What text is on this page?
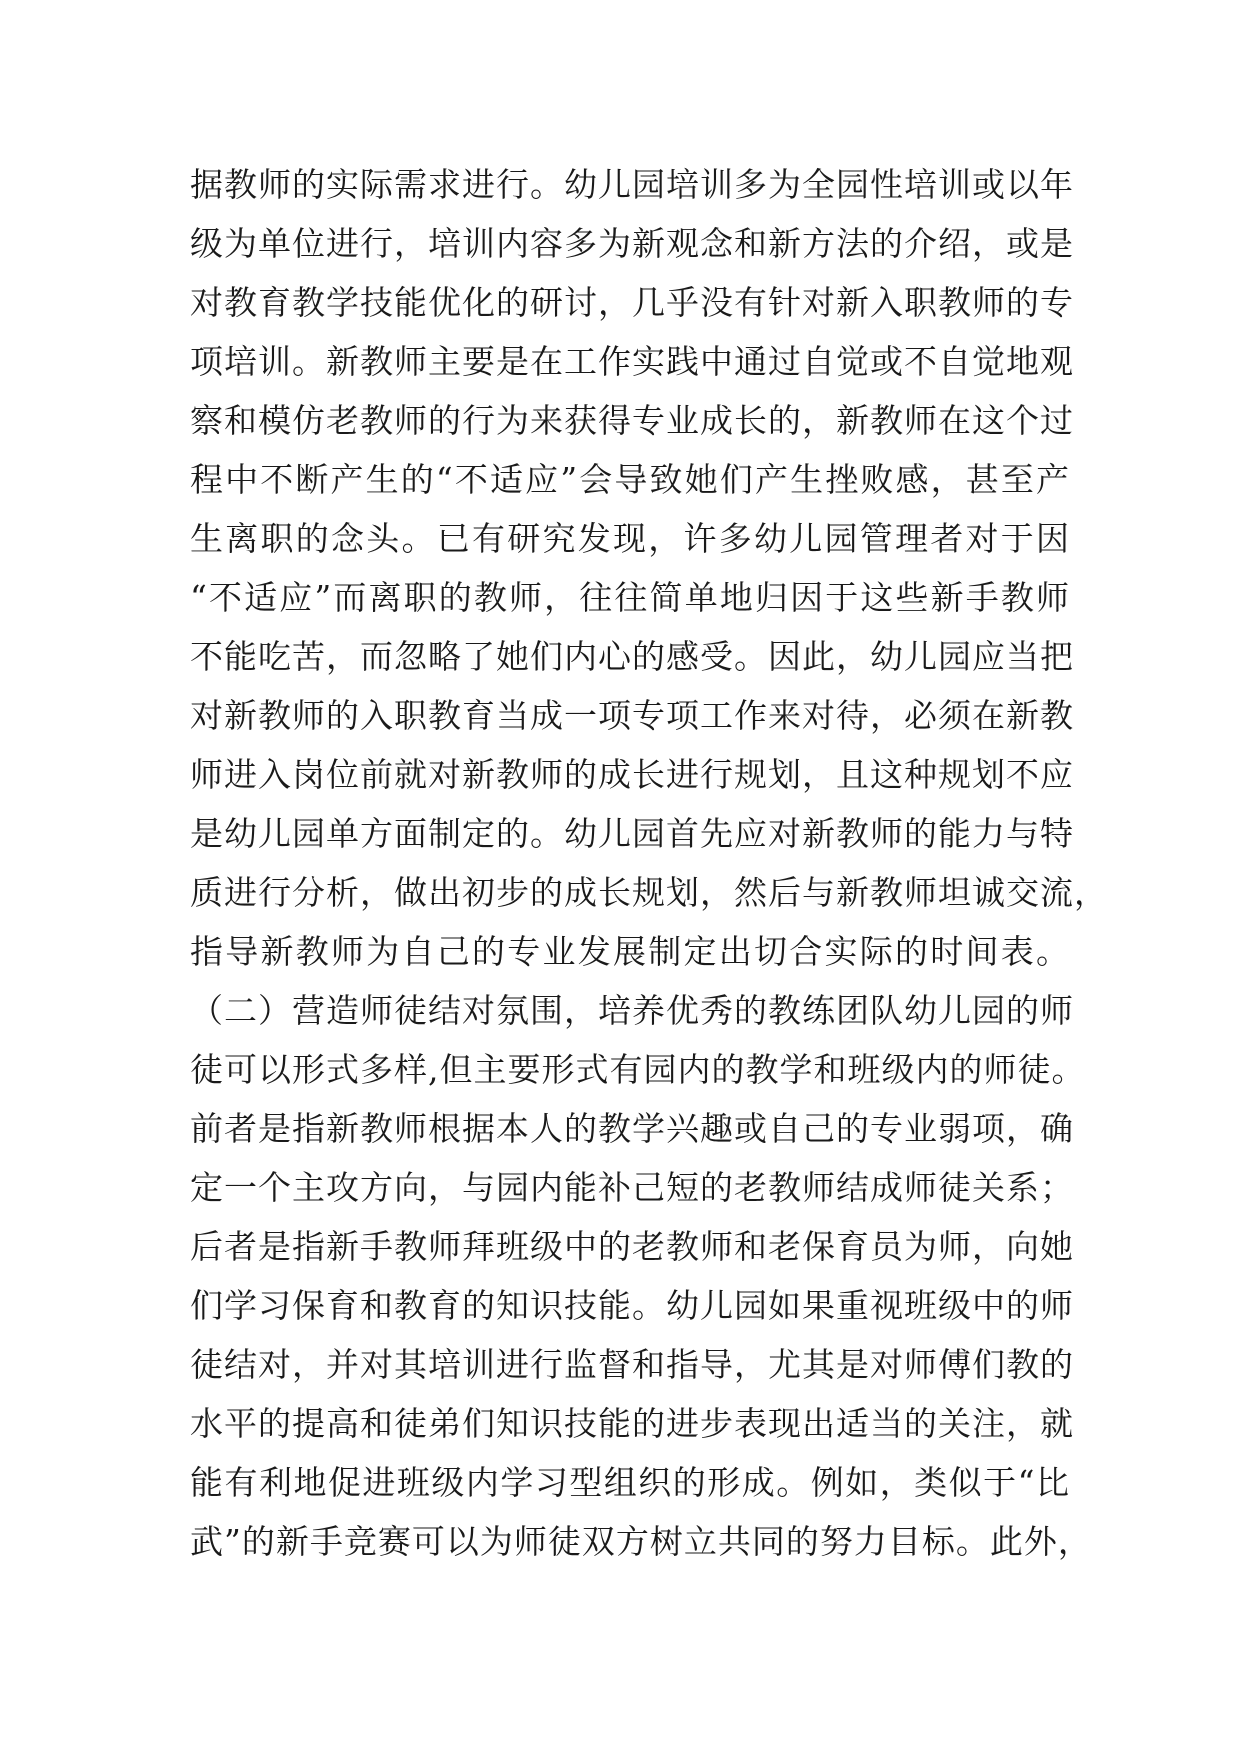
据教师的实际需求进行。幼儿园培训多为全园性培训或以年
级为单位进行，培训内容多为新观念和新方法的介绍，或是
对教育教学技能优化的研讨，几乎没有针对新入职教师的专
项培训。新教师主要是在工作实践中通过自觉或不自觉地观
察和模仿老教师的行为来获得专业成长的，新教师在这个过
程中不断产生的“不适应”会导致她们产生挫败感，甚至产
生离职的念头。已有研究发现，许多幼儿园管理者对于因
“不适应”而离职的教师，往往简单地归因于这些新手教师
不能吃苦，而忽略了她们内心的感受。因此，幼儿园应当把
对新教师的入职教育当成一项专项工作来对待，必须在新教
师进入岗位前就对新教师的成长进行规划，且这种规划不应
是幼儿园单方面制定的。幼儿园首先应对新教师的能力与特
质进行分析，做出初步的成长规划，然后与新教师坦诚交流，
指导新教师为自己的专业发展制定出切合实际的时间表。
（二）营造师徒结对氛围，培养优秀的教练团队幼儿园的师
徒可以形式多样,但主要形式有园内的教学和班级内的师徒。
前者是指新教师根据本人的教学兴趣或自己的专业弱项，确
定一个主攻方向，与园内能补己短的老教师结成师徒关系；
后者是指新手教师拜班级中的老教师和老保育员为师，向她
们学习保育和教育的知识技能。幼儿园如果重视班级中的师
徒结对，并对其培训进行监督和指导，尤其是对师傅们教的
水平的提高和徒弟们知识技能的进步表现出适当的关注，就
能有利地促进班级内学习型组织的形成。例如，类似于“比
武”的新手竞赛可以为师徒双方树立共同的努力目标。此外，
